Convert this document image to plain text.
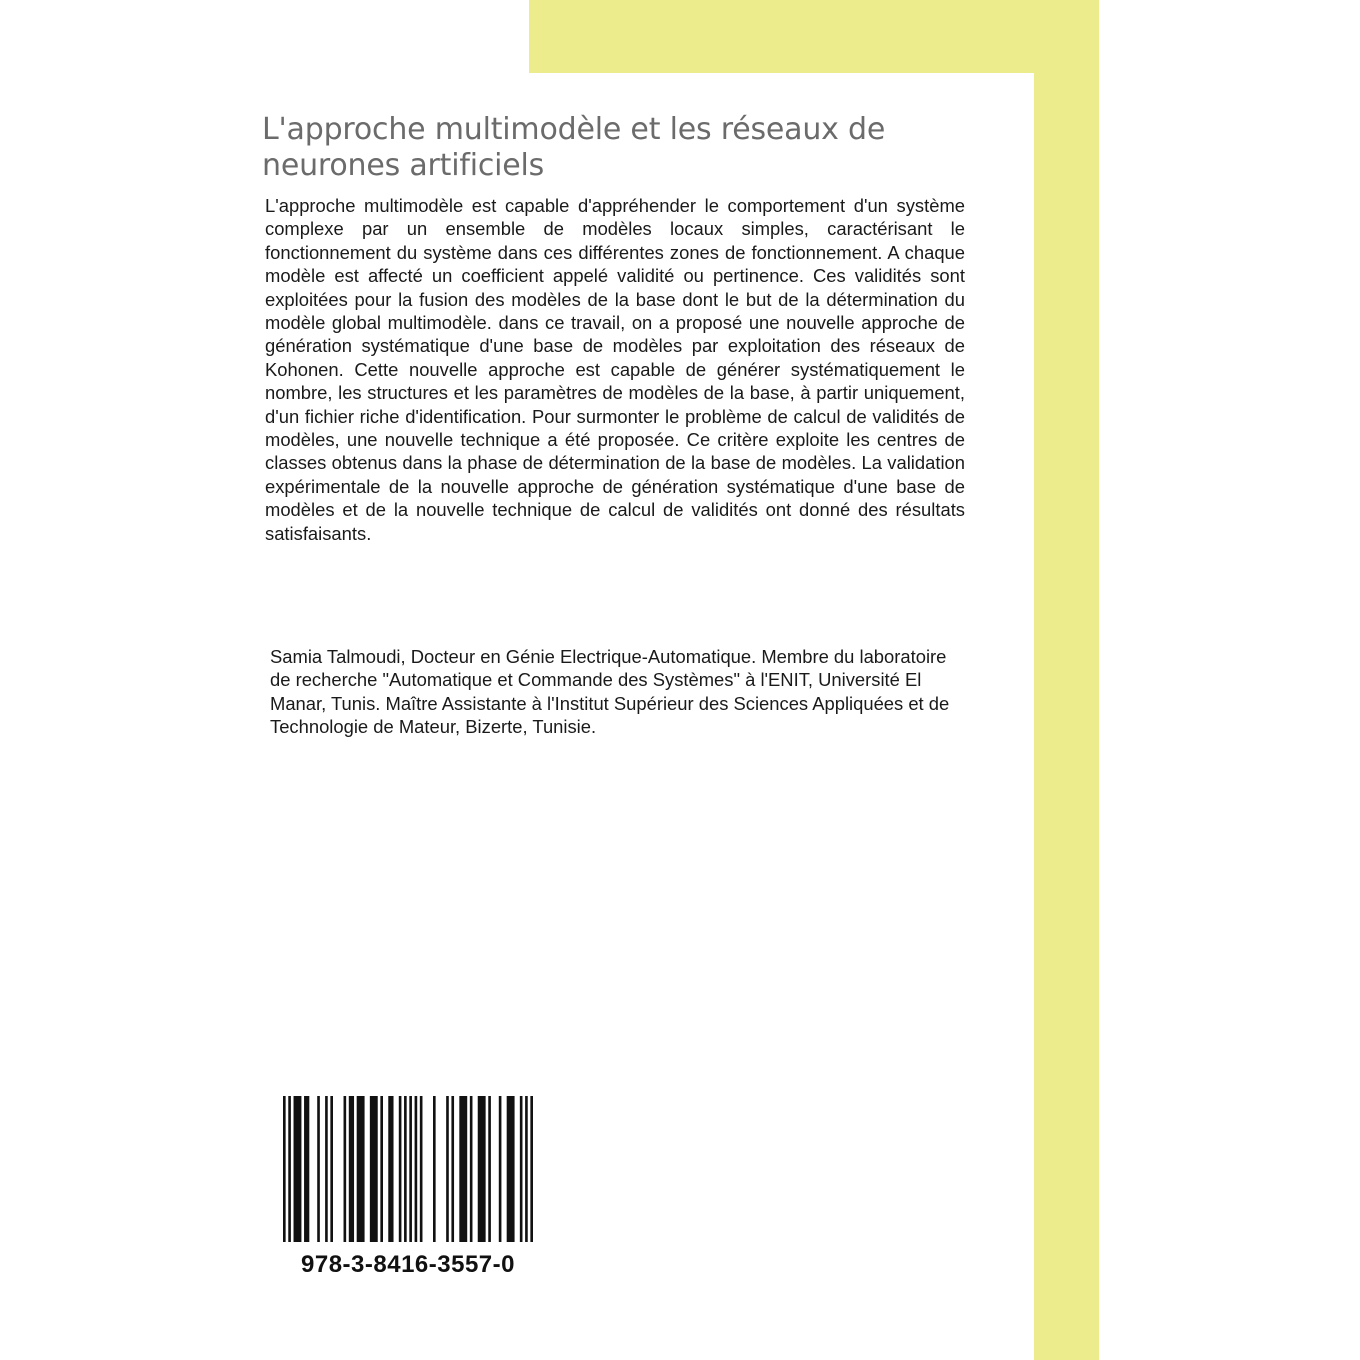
L'approche multimodèle et les réseaux de neurones artificiels

L'approche multimodèle est capable d'appréhender le comportement d'un système complexe par un ensemble de modèles locaux simples, caractérisant le fonctionnement du système dans ces différentes zones de fonctionnement. A chaque modèle est affecté un coefficient appelé validité ou pertinence. Ces validités sont exploitées pour la fusion des modèles de la base dont le but de la détermination du modèle global multimodèle. dans ce travail, on a proposé une nouvelle approche de génération systématique d'une base de modèles par exploitation des réseaux de Kohonen. Cette nouvelle approche est capable de générer systématiquement le nombre, les structures et les paramètres de modèles de la base, à partir uniquement, d'un fichier riche d'identification. Pour surmonter le problème de calcul de validités de modèles, une nouvelle technique a été proposée. Ce critère exploite les centres de classes obtenus dans la phase de détermination de la base de modèles. La validation expérimentale de la nouvelle approche de génération systématique d'une base de modèles et de la nouvelle technique de calcul de validités ont donné des résultats satisfaisants.

Samia Talmoudi, Docteur en Génie Electrique-Automatique. Membre du laboratoire de recherche "Automatique et Commande des Systèmes" à l'ENIT, Université El Manar, Tunis. Maître Assistante à l'Institut Supérieur des Sciences Appliquées et de Technologie de Mateur, Bizerte, Tunisie.

978-3-8416-3557-0
